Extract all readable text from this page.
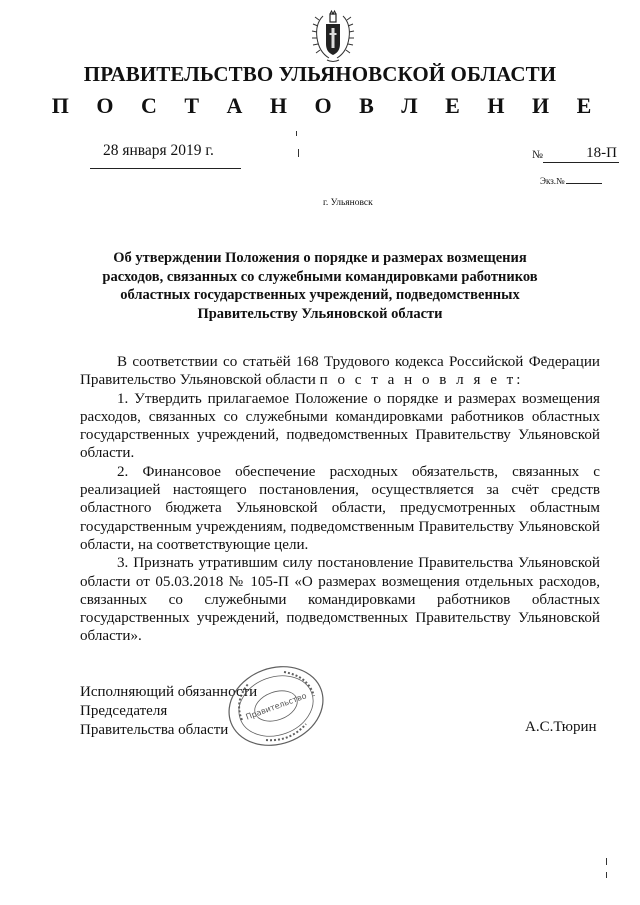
ПРАВИТЕЛЬСТВО УЛЬЯНОВСКОЙ ОБЛАСТИ
П О С Т А Н О В Л Е Н И Е
28 января 2019 г.	№	18-П
Экз.№
г. Ульяновск
Об утверждении Положения о порядке и размерах возмещения
расходов, связанных со служебными командировками работников
областных государственных учреждений, подведомственных
Правительству Ульяновской области

В соответствии со статьёй 168 Трудового кодекса Российской Федерации Правительство Ульяновской области п о с т а н о в л я е т:

1. Утвердить прилагаемое Положение о порядке и размерах возмещения расходов, связанных со служебными командировками работников областных государственных учреждений, подведомственных Правительству Ульяновской области.

2. Финансовое обеспечение расходных обязательств, связанных с реализацией настоящего постановления, осуществляется за счёт средств областного бюджета Ульяновской области, предусмотренных областным государственным учреждениям, подведомственным Правительству Ульяновской области, на соответствующие цели.

3. Признать утратившим силу постановление Правительства Ульяновской области от 05.03.2018 № 105-П «О размерах возмещения отдельных расходов, связанных со служебными командировками работников областных государственных учреждений, подведомственных Правительству Ульяновской области».

Исполняющий обязанности
Председателя
Правительства области	А.С.Тюрин
Правительство
